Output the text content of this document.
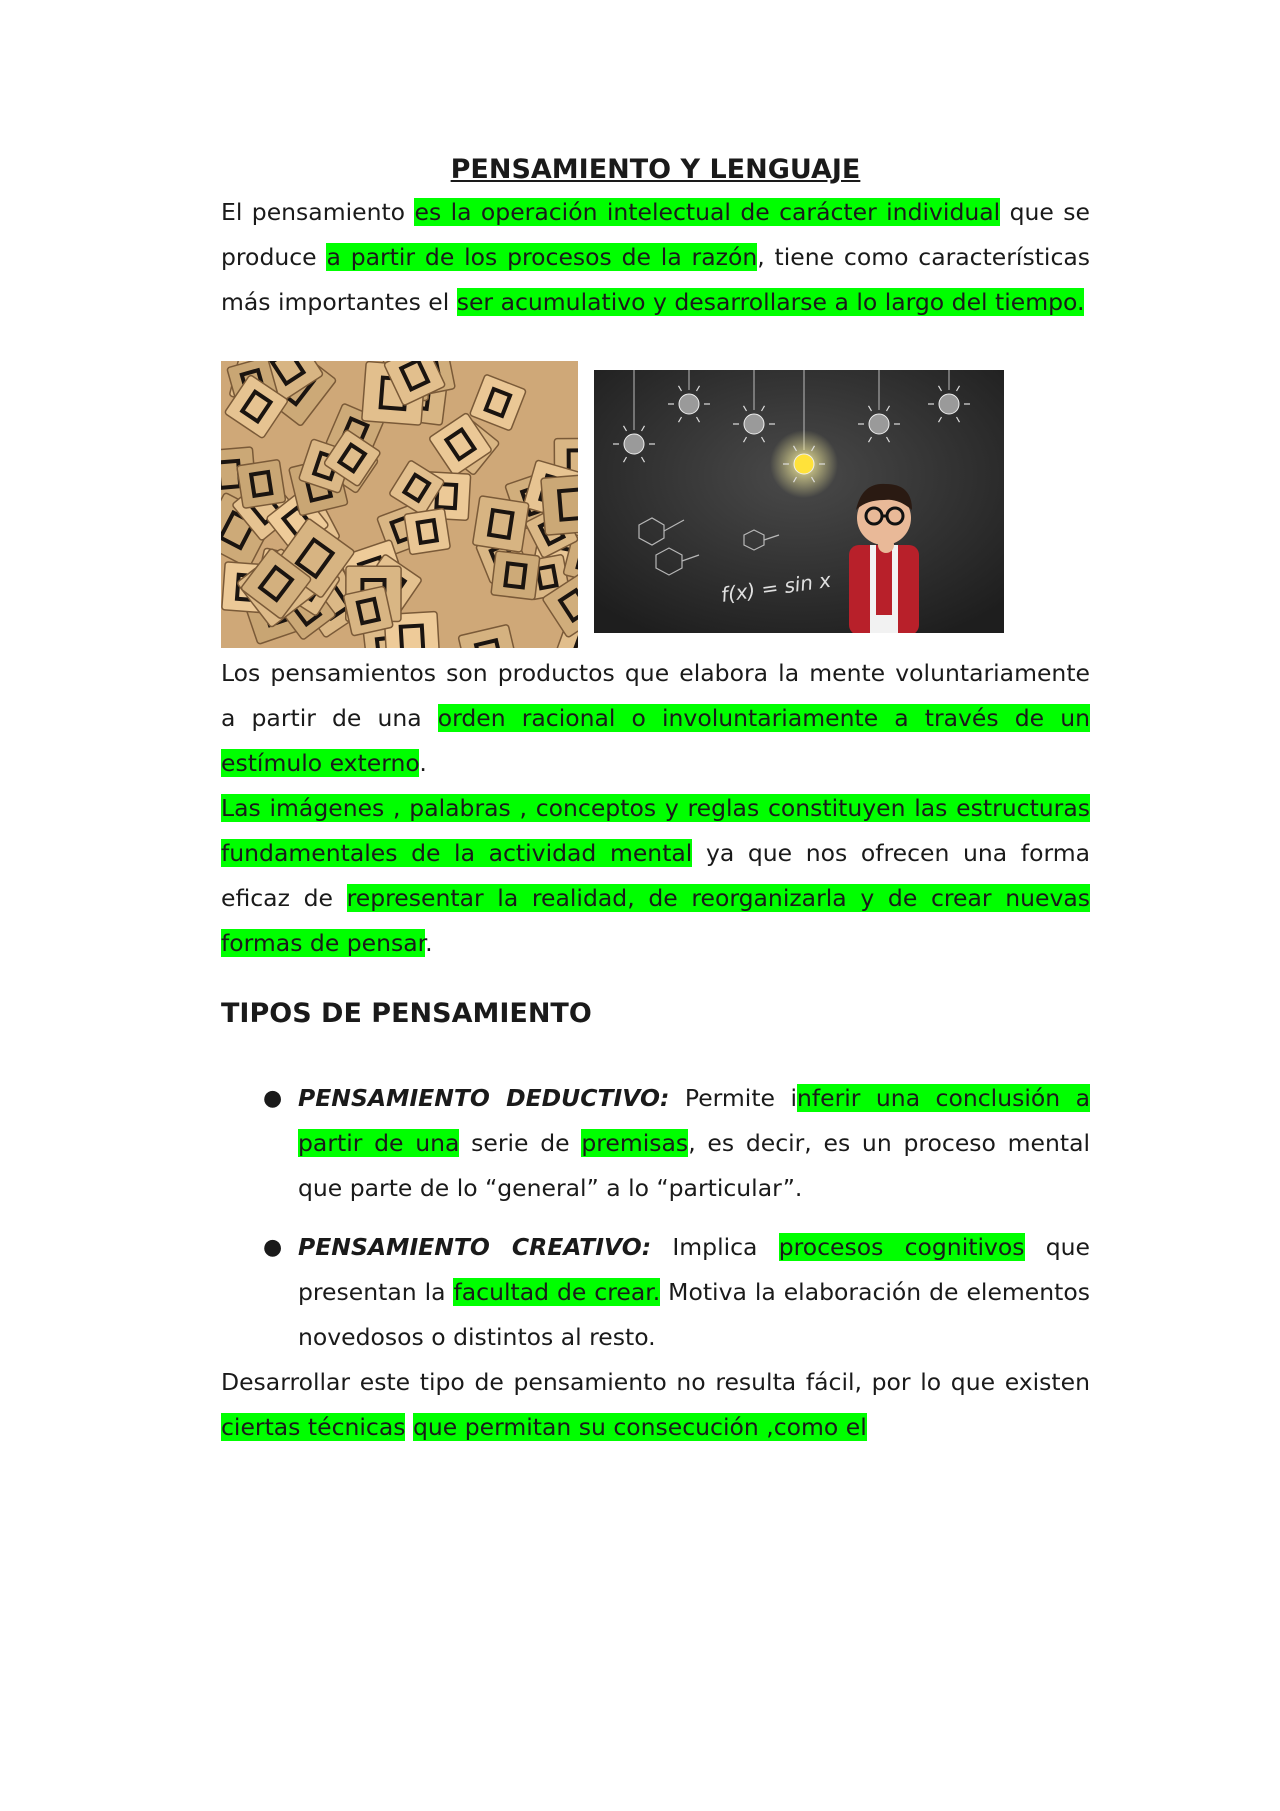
PENSAMIENTO Y LENGUAJE

El pensamiento es la operación intelectual de carácter individual que se produce a partir de los procesos de la razón, tiene como características más importantes el ser acumulativo y desarrollarse a lo largo del tiempo.

f(x) = sin x

Los pensamientos son productos que elabora la mente voluntariamente a partir de una orden racional o involuntariamente a través de un estímulo externo.

Las imágenes , palabras , conceptos y reglas constituyen las estructuras fundamentales de la actividad mental ya que nos ofrecen una forma eficaz de representar la realidad, de reorganizarla y de crear nuevas formas de pensar.

TIPOS DE PENSAMIENTO
● PENSAMIENTO DEDUCTIVO: Permite inferir una conclusión a partir de una serie de premisas, es decir, es un proceso mental que parte de lo “general” a lo “particular”.
● PENSAMIENTO CREATIVO: Implica procesos cognitivos que presentan la facultad de crear. Motiva la elaboración de elementos novedosos o distintos al resto.

Desarrollar este tipo de pensamiento no resulta fácil, por lo que existen ciertas técnicas que permitan su consecución ,como el
